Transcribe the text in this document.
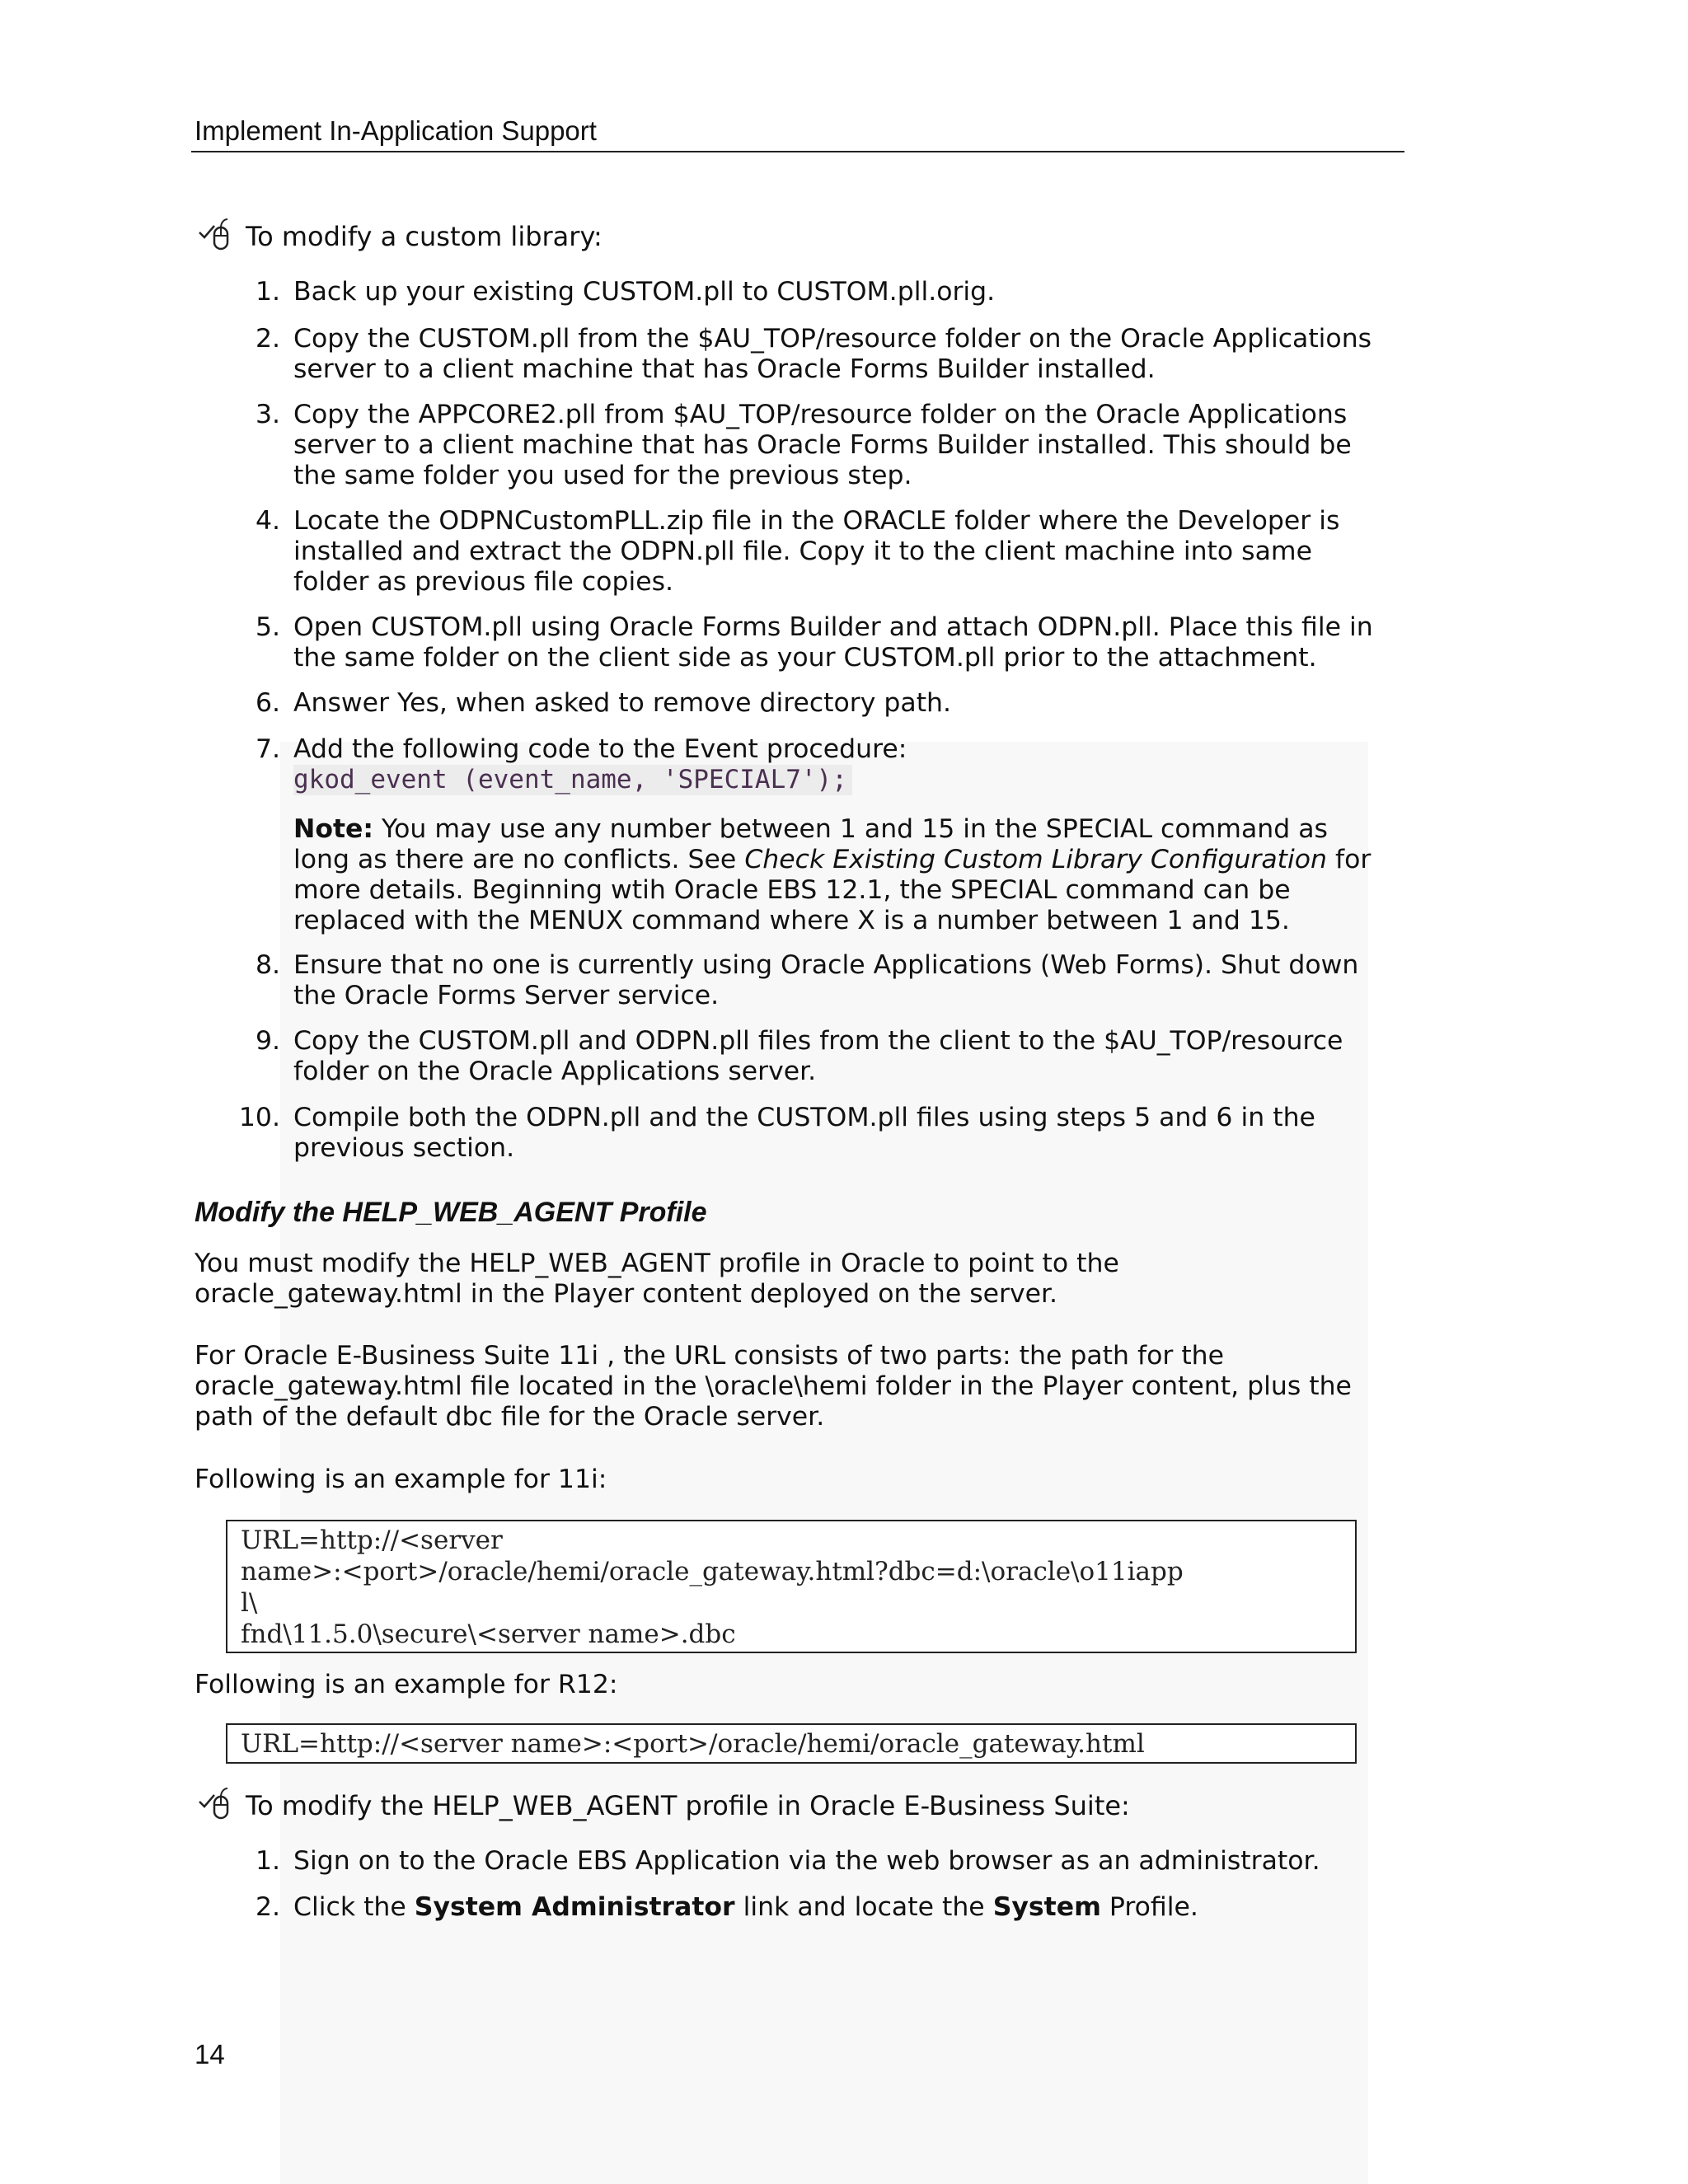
Implement In-Application Support
To modify a custom library:
1. Back up your existing CUSTOM.pll to CUSTOM.pll.orig.
2. Copy the CUSTOM.pll from the $AU_TOP/resource folder on the Oracle Applications
server to a client machine that has Oracle Forms Builder installed.
3. Copy the APPCORE2.pll from $AU_TOP/resource folder on the Oracle Applications
server to a client machine that has Oracle Forms Builder installed. This should be
the same folder you used for the previous step.
4. Locate the ODPNCustomPLL.zip file in the ORACLE folder where the Developer is
installed and extract the ODPN.pll file. Copy it to the client machine into same
folder as previous file copies.
5. Open CUSTOM.pll using Oracle Forms Builder and attach ODPN.pll. Place this file in
the same folder on the client side as your CUSTOM.pll prior to the attachment.
6. Answer Yes, when asked to remove directory path.
7. Add the following code to the Event procedure:
gkod_event (event_name, 'SPECIAL7');
Note: You may use any number between 1 and 15 in the SPECIAL command as
long as there are no conflicts. See Check Existing Custom Library Configuration for
more details. Beginning wtih Oracle EBS 12.1, the SPECIAL command can be
replaced with the MENUX command where X is a number between 1 and 15.
8. Ensure that no one is currently using Oracle Applications (Web Forms). Shut down
the Oracle Forms Server service.
9. Copy the CUSTOM.pll and ODPN.pll files from the client to the $AU_TOP/resource
folder on the Oracle Applications server.
10. Compile both the ODPN.pll and the CUSTOM.pll files using steps 5 and 6 in the
previous section.
Modify the HELP_WEB_AGENT Profile
You must modify the HELP_WEB_AGENT profile in Oracle to point to the
oracle_gateway.html in the Player content deployed on the server.
For Oracle E-Business Suite 11i , the URL consists of two parts: the path for the
oracle_gateway.html file located in the \oracle\hemi folder in the Player content, plus the
path of the default dbc file for the Oracle server.
Following is an example for 11i:
URL=http://<server
name>:<port>/oracle/hemi/oracle_gateway.html?dbc=d:\oracle\o11iapp
l\
fnd\11.5.0\secure\<server name>.dbc
Following is an example for R12:
URL=http://<server name>:<port>/oracle/hemi/oracle_gateway.html
To modify the HELP_WEB_AGENT profile in Oracle E-Business Suite:
1. Sign on to the Oracle EBS Application via the web browser as an administrator.
2. Click the System Administrator link and locate the System Profile.
14
